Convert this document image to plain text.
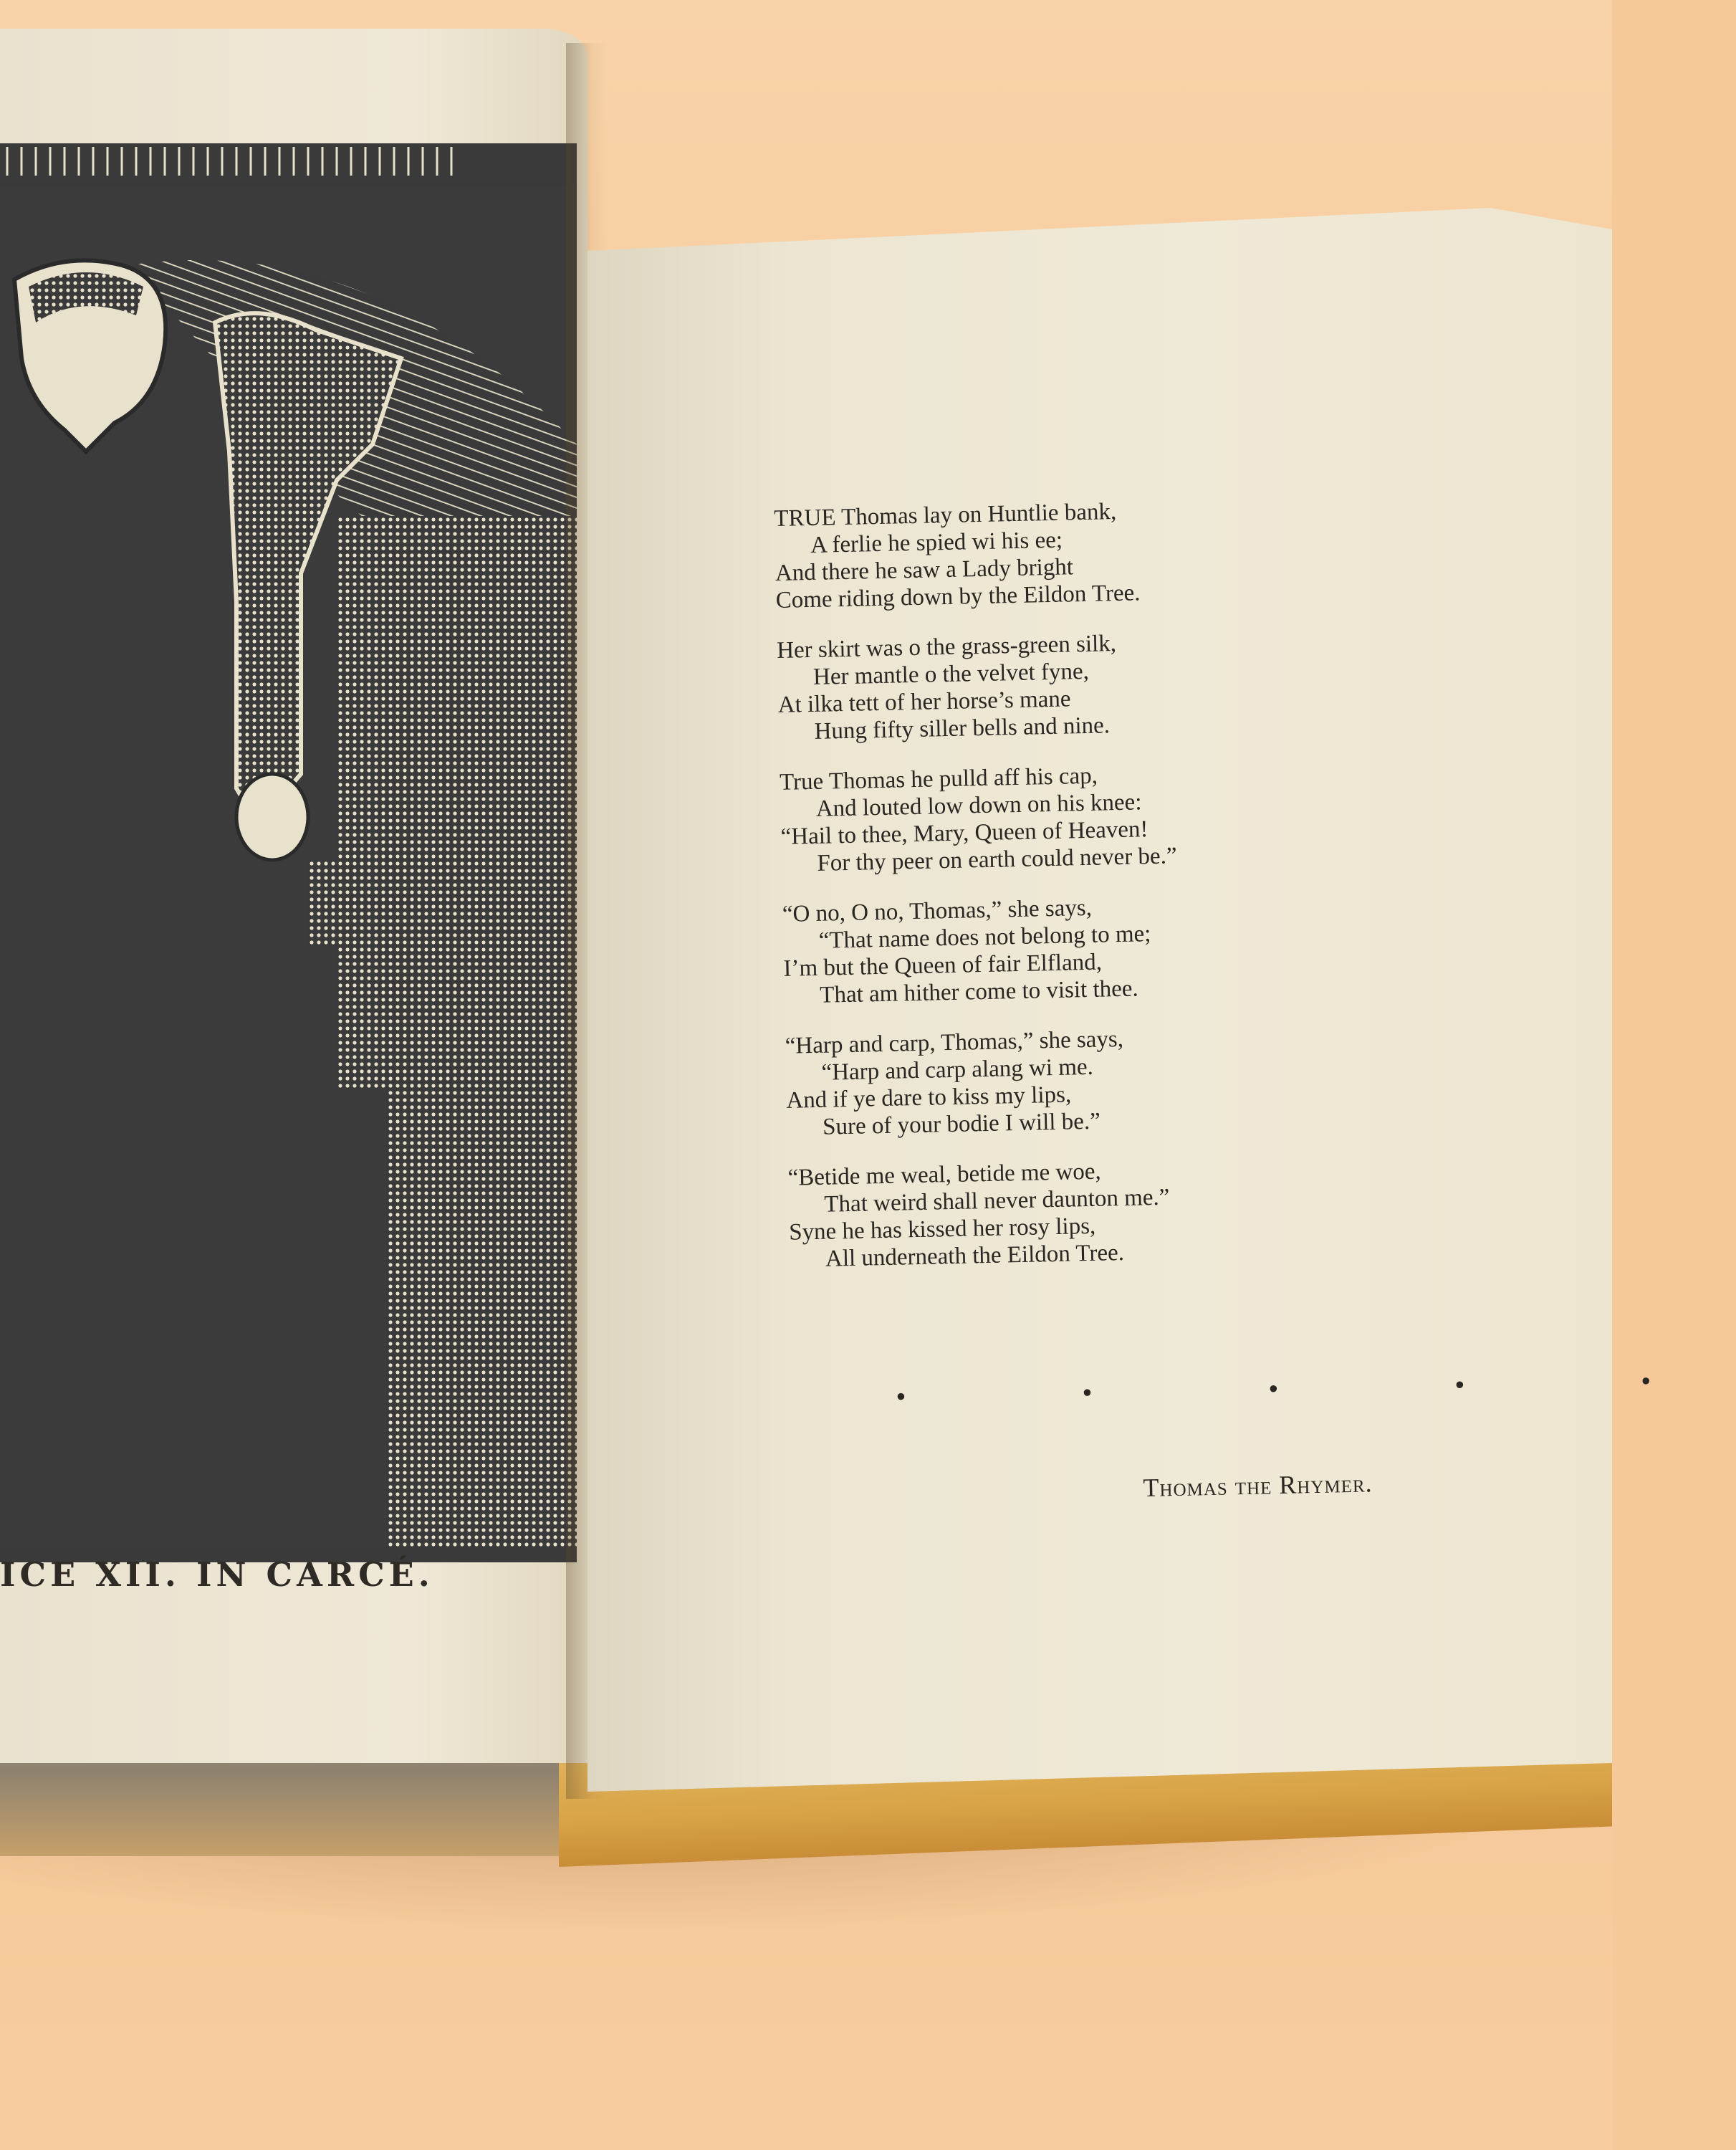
ICE XII. IN CARCÉ.
TRUE Thomas lay on Huntlie bank,
A ferlie he spied wi his ee;
And there he saw a Lady bright
Come riding down by the Eildon Tree.
Her skirt was o the grass-green silk,
Her mantle o the velvet fyne,
At ilka tett of her horse’s mane
Hung fifty siller bells and nine.
True Thomas he pulld aff his cap,
And louted low down on his knee:
“Hail to thee, Mary, Queen of Heaven!
For thy peer on earth could never be.”
“O no, O no, Thomas,” she says,
“That name does not belong to me;
I’m but the Queen of fair Elfland,
That am hither come to visit thee.
“Harp and carp, Thomas,” she says,
“Harp and carp alang wi me.
And if ye dare to kiss my lips,
Sure of your bodie I will be.”
“Betide me weal, betide me woe,
That weird shall never daunton me.”
Syne he has kissed her rosy lips,
All underneath the Eildon Tree.
• • • • •
Thomas the Rhymer.
